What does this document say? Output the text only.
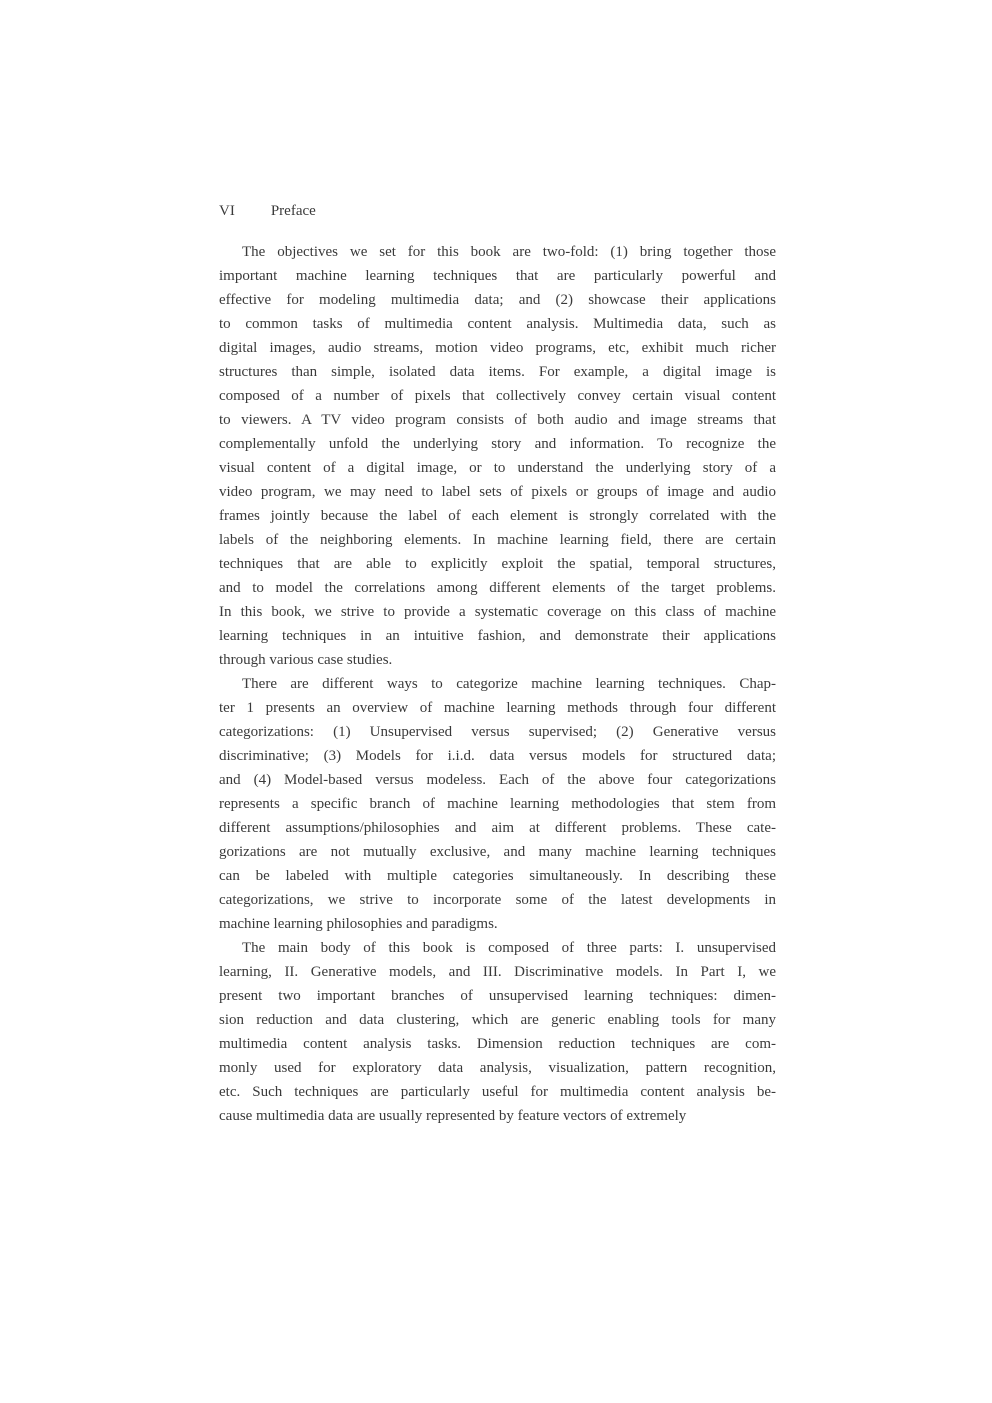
VI Preface
The objectives we set for this book are two-fold: (1) bring together those
important machine learning techniques that are particularly powerful and
effective for modeling multimedia data; and (2) showcase their applications
to common tasks of multimedia content analysis. Multimedia data, such as
digital images, audio streams, motion video programs, etc, exhibit much richer
structures than simple, isolated data items. For example, a digital image is
composed of a number of pixels that collectively convey certain visual content
to viewers. A TV video program consists of both audio and image streams that
complementally unfold the underlying story and information. To recognize the
visual content of a digital image, or to understand the underlying story of a
video program, we may need to label sets of pixels or groups of image and audio
frames jointly because the label of each element is strongly correlated with the
labels of the neighboring elements. In machine learning field, there are certain
techniques that are able to explicitly exploit the spatial, temporal structures,
and to model the correlations among different elements of the target problems.
In this book, we strive to provide a systematic coverage on this class of machine
learning techniques in an intuitive fashion, and demonstrate their applications
through various case studies.
There are different ways to categorize machine learning techniques. Chap-
ter 1 presents an overview of machine learning methods through four different
categorizations: (1) Unsupervised versus supervised; (2) Generative versus
discriminative; (3) Models for i.i.d. data versus models for structured data;
and (4) Model-based versus modeless. Each of the above four categorizations
represents a specific branch of machine learning methodologies that stem from
different assumptions/philosophies and aim at different problems. These cate-
gorizations are not mutually exclusive, and many machine learning techniques
can be labeled with multiple categories simultaneously. In describing these
categorizations, we strive to incorporate some of the latest developments in
machine learning philosophies and paradigms.
The main body of this book is composed of three parts: I. unsupervised
learning, II. Generative models, and III. Discriminative models. In Part I, we
present two important branches of unsupervised learning techniques: dimen-
sion reduction and data clustering, which are generic enabling tools for many
multimedia content analysis tasks. Dimension reduction techniques are com-
monly used for exploratory data analysis, visualization, pattern recognition,
etc. Such techniques are particularly useful for multimedia content analysis be-
cause multimedia data are usually represented by feature vectors of extremely
